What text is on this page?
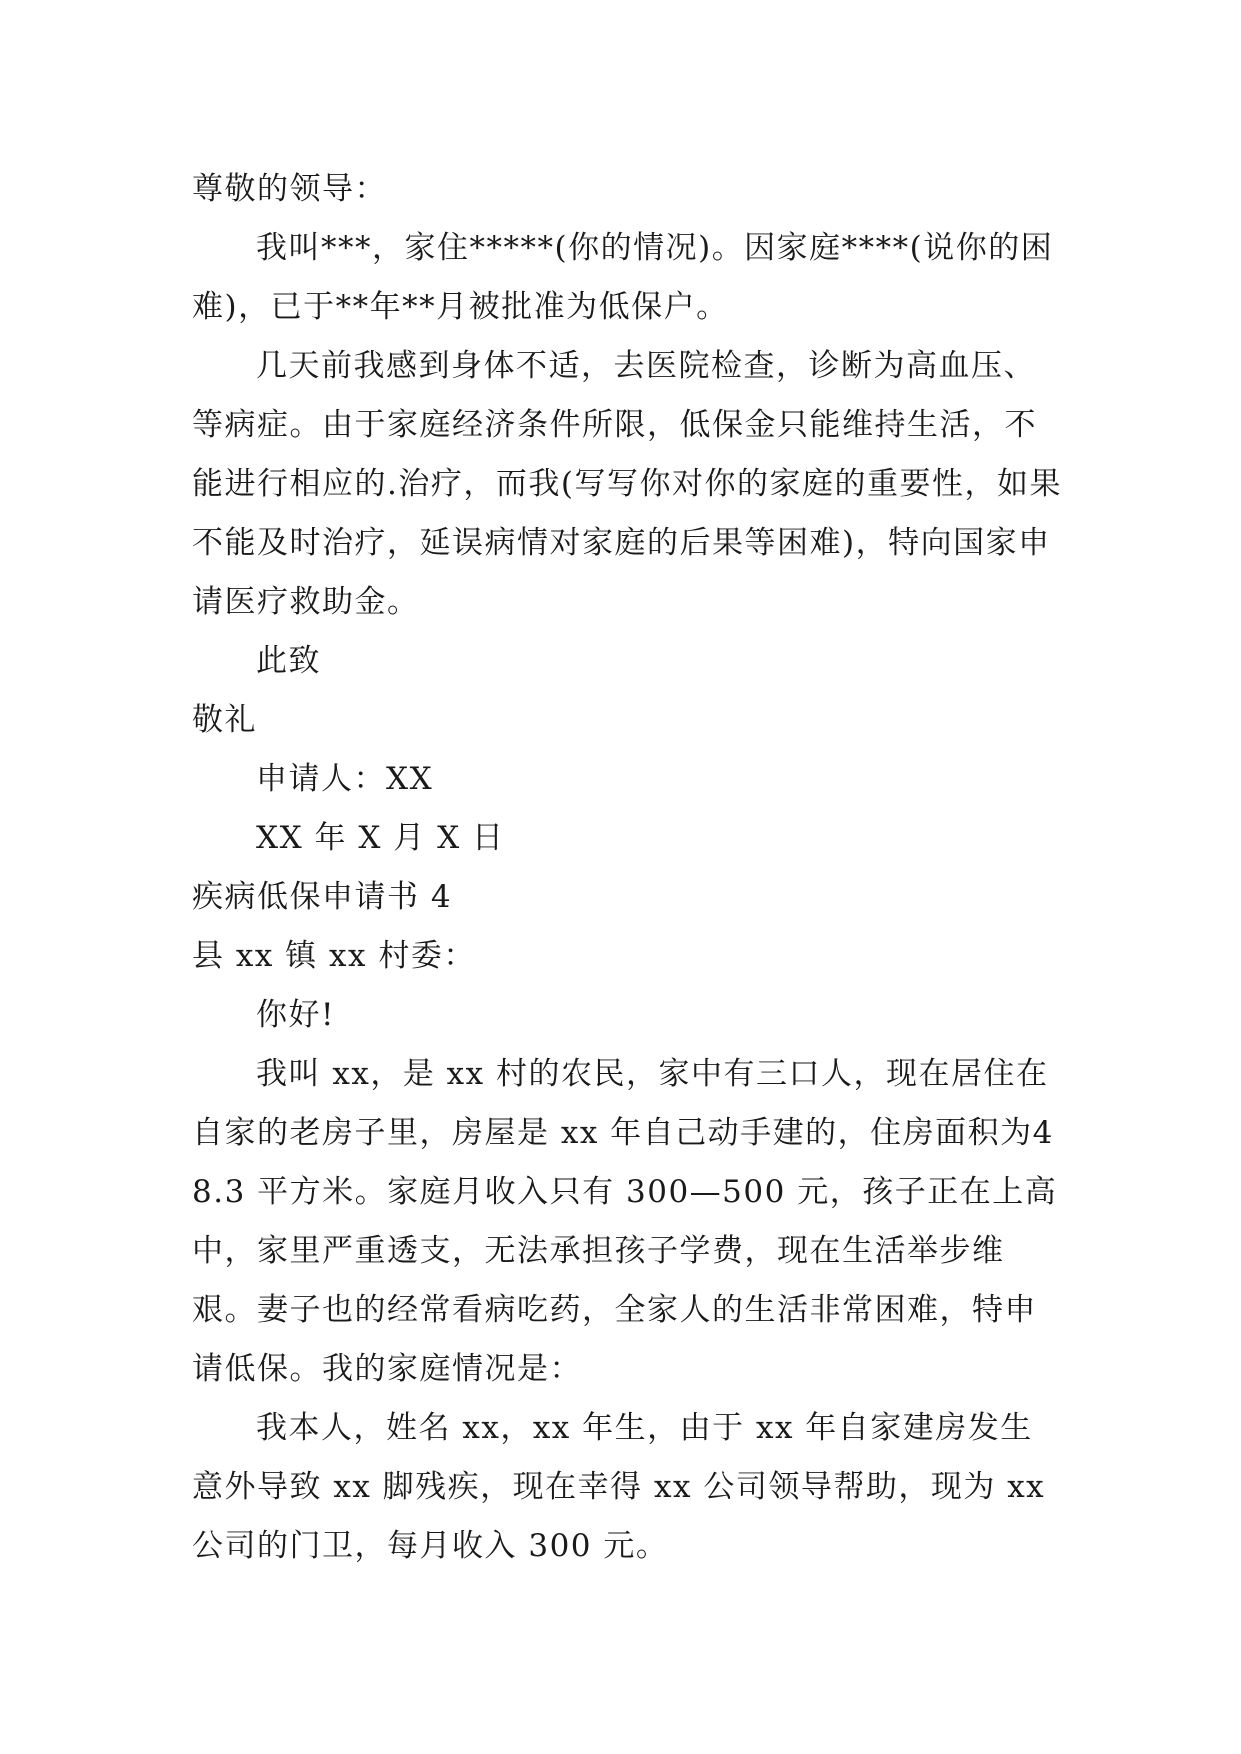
尊敬的领导：

我叫***，家住*****(你的情况)。因家庭****(说你的困难)，已于**年**月被批准为低保户。

几天前我感到身体不适，去医院检查，诊断为高血压、等病症。由于家庭经济条件所限，低保金只能维持生活，不能进行相应的.治疗，而我(写写你对你的家庭的重要性，如果不能及时治疗，延误病情对家庭的后果等困难)，特向国家申请医疗救助金。

此致

敬礼

申请人：XX

XX 年 X 月 X 日

疾病低保申请书 4

县 xx 镇 xx 村委：

你好!

我叫 xx，是 xx 村的农民，家中有三口人，现在居住在自家的老房子里，房屋是 xx 年自己动手建的，住房面积为48.3 平方米。家庭月收入只有 300—500 元，孩子正在上高中，家里严重透支，无法承担孩子学费，现在生活举步维艰。妻子也的经常看病吃药，全家人的生活非常困难，特申请低保。我的家庭情况是：

我本人，姓名 xx，xx 年生，由于 xx 年自家建房发生意外导致 xx 脚残疾，现在幸得 xx 公司领导帮助，现为 xx 公司的门卫，每月收入 300 元。
